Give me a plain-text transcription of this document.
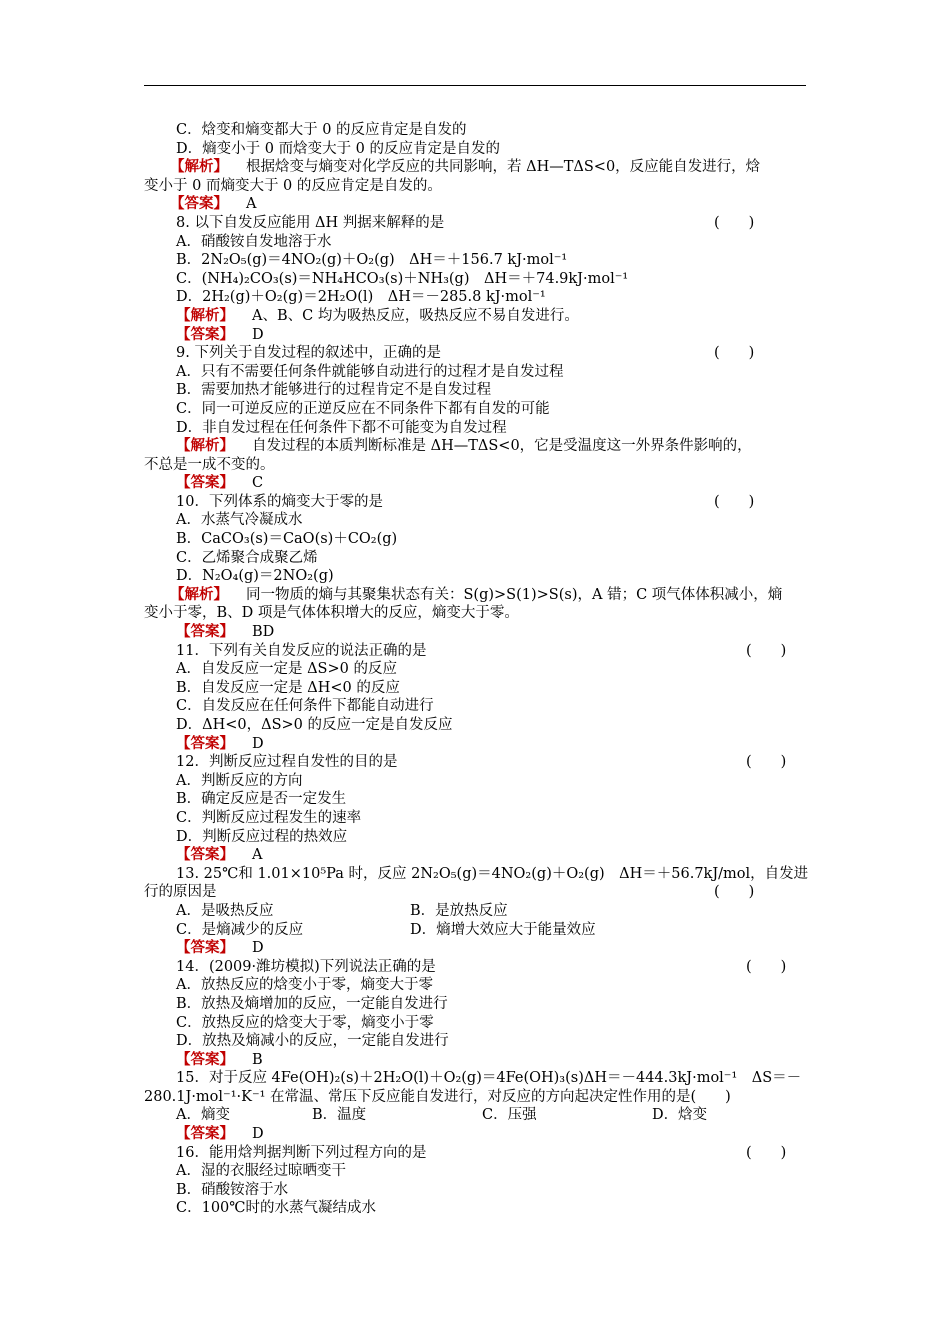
C．焓变和熵变都大于 0 的反应肯定是自发的
D．熵变小于 0 而焓变大于 0 的反应肯定是自发的
【解析】 根据焓变与熵变对化学反应的共同影响，若 ΔH—TΔS<0，反应能自发进行，焓
变小于 0 而熵变大于 0 的反应肯定是自发的。
【答案】 A
8. 以下自发反应能用 ΔH 判据来解释的是	(　　)
A．硝酸铵自发地溶于水
B．2N₂O₅(g)＝4NO₂(g)＋O₂(g)　ΔH＝＋156.7 kJ·mol⁻¹
C．(NH₄)₂CO₃(s)＝NH₄HCO₃(s)＋NH₃(g)　ΔH＝＋74.9kJ·mol⁻¹
D．2H₂(g)＋O₂(g)＝2H₂O(l)　ΔH＝－285.8 kJ·mol⁻¹
【解析】 A、B、C 均为吸热反应，吸热反应不易自发进行。
【答案】 D
9. 下列关于自发过程的叙述中，正确的是	(　　)
A．只有不需要任何条件就能够自动进行的过程才是自发过程
B．需要加热才能够进行的过程肯定不是自发过程
C．同一可逆反应的正逆反应在不同条件下都有自发的可能
D．非自发过程在任何条件下都不可能变为自发过程
【解析】 自发过程的本质判断标准是 ΔH—TΔS<0，它是受温度这一外界条件影响的，
不总是一成不变的。
【答案】 C
10．下列体系的熵变大于零的是	(　　)
A．水蒸气冷凝成水
B．CaCO₃(s)＝CaO(s)＋CO₂(g)
C．乙烯聚合成聚乙烯
D．N₂O₄(g)＝2NO₂(g)
【解析】 同一物质的熵与其聚集状态有关：S(g)>S(1)>S(s)，A 错；C 项气体体积减小，熵
变小于零，B、D 项是气体体积增大的反应，熵变大于零。
【答案】 BD
11．下列有关自发反应的说法正确的是	(　　)
A．自发反应一定是 ΔS>0 的反应
B．自发反应一定是 ΔH<0 的反应
C．自发反应在任何条件下都能自动进行
D．ΔH<0，ΔS>0 的反应一定是自发反应
【答案】 D
12．判断反应过程自发性的目的是	(　　)
A．判断反应的方向
B．确定反应是否一定发生
C．判断反应过程发生的速率
D．判断反应过程的热效应
【答案】 A
13. 25℃和 1.01×10⁵Pa 时，反应 2N₂O₅(g)＝4NO₂(g)＋O₂(g)　ΔH＝＋56.7kJ/mol，自发进
行的原因是	(　　)
A．是吸热反应	B．是放热反应
C．是熵减少的反应	D．熵增大效应大于能量效应
【答案】 D
14．(2009·潍坊模拟)下列说法正确的是	(　　)
A．放热反应的焓变小于零，熵变大于零
B．放热及熵增加的反应，一定能自发进行
C．放热反应的焓变大于零，熵变小于零
D．放热及熵减小的反应，一定能自发进行
【答案】 B
15．对于反应 4Fe(OH)₂(s)＋2H₂O(l)＋O₂(g)＝4Fe(OH)₃(s)ΔH＝－444.3kJ·mol⁻¹　ΔS＝－
280.1J·mol⁻¹·K⁻¹ 在常温、常压下反应能自发进行，对反应的方向起决定性作用的是(　　)
A．熵变	B．温度	C．压强	D．焓变
【答案】 D
16．能用焓判据判断下列过程方向的是	(　　)
A．湿的衣服经过晾晒变干
B．硝酸铵溶于水
C．100℃时的水蒸气凝结成水
